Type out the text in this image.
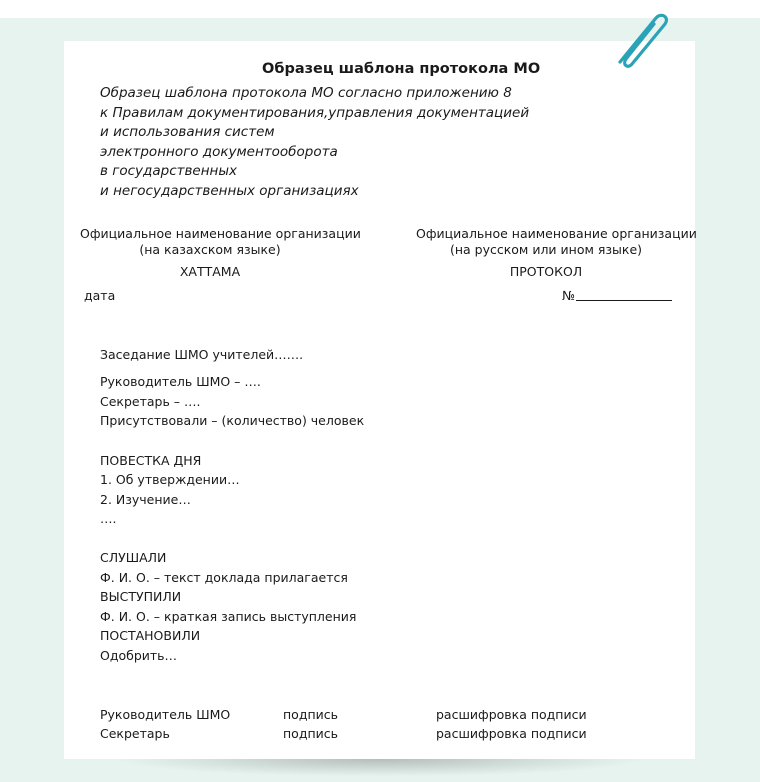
Образец шаблона протокола МО
Образец шаблона протокола МО согласно приложению 8
к Правилам документирования,управления документацией
и использования систем
электронного документооборота
в государственных
и негосударственных организациях
Официальное наименование организации
(на казахском языке)
ХАТТАМА
Официальное наименование организации
(на русском или ином языке)
ПРОТОКОЛ
дата	№
Заседание ШМО учителей…….
Руководитель ШМО – ….
Секретарь – ….
Присутствовали – (количество) человек
ПОВЕСТКА ДНЯ
1. Об утверждении…
2. Изучение…
….
СЛУШАЛИ
Ф. И. О. – текст доклада прилагается
ВЫСТУПИЛИ
Ф. И. О. – краткая запись выступления
ПОСТАНОВИЛИ
Одобрить…
Руководитель ШМО	подпись	расшифровка подписи
Секретарь	подпись	расшифровка подписи
